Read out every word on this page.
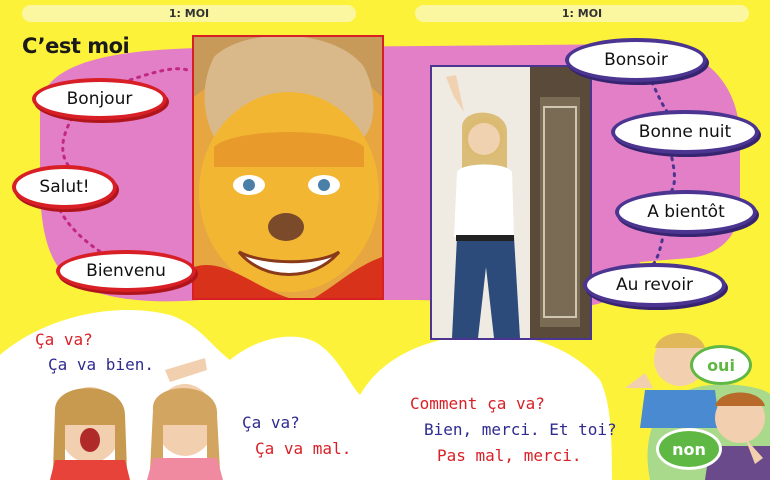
1: MOI	1: MOI
C’est moi
Bonjour
Salut!
Bienvenu
Bonsoir
Bonne nuit
A bientôt
Au revoir
Ça va?
Ça va bien.
Ça va?
Ça va mal.
Comment ça va?
Bien, merci. Et toi?
Pas mal, merci.
oui
non
